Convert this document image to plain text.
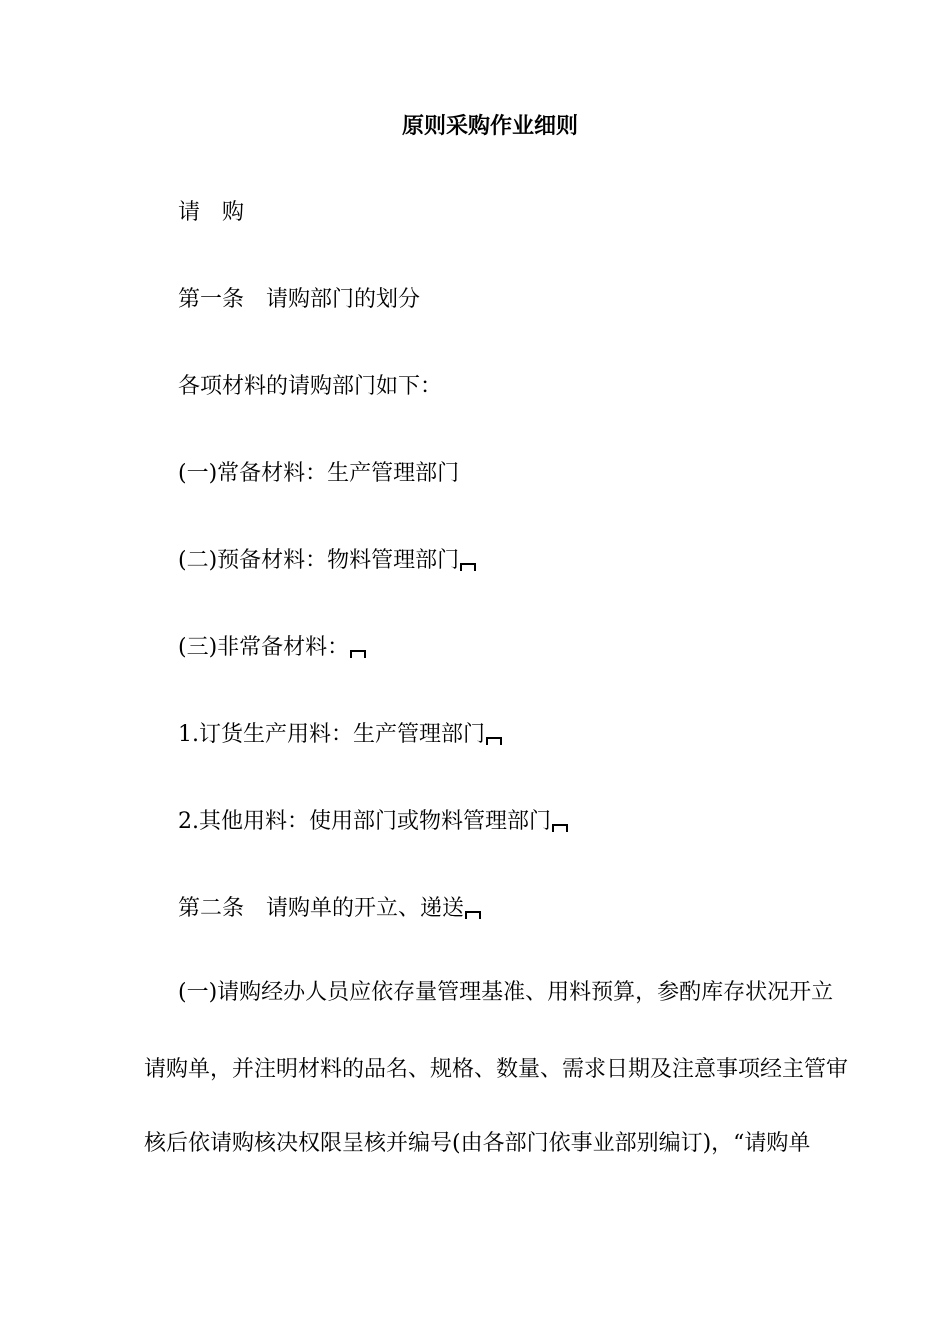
原则采购作业细则

请　购

第一条 请购部门的划分

各项材料的请购部门如下：

(一)常备材料：生产管理部门

(二)预备材料：物料管理部门

(三)非常备材料：

1.订货生产用料：生产管理部门

2.其他用料：使用部门或物料管理部门

第二条 请购单的开立、递送

(一)请购经办人员应依存量管理基准、用料预算，参酌库存状况开立

请购单，并注明材料的品名、规格、数量、需求日期及注意事项经主管审

核后依请购核决权限呈核并编号(由各部门依事业部别编订)，“请购单
